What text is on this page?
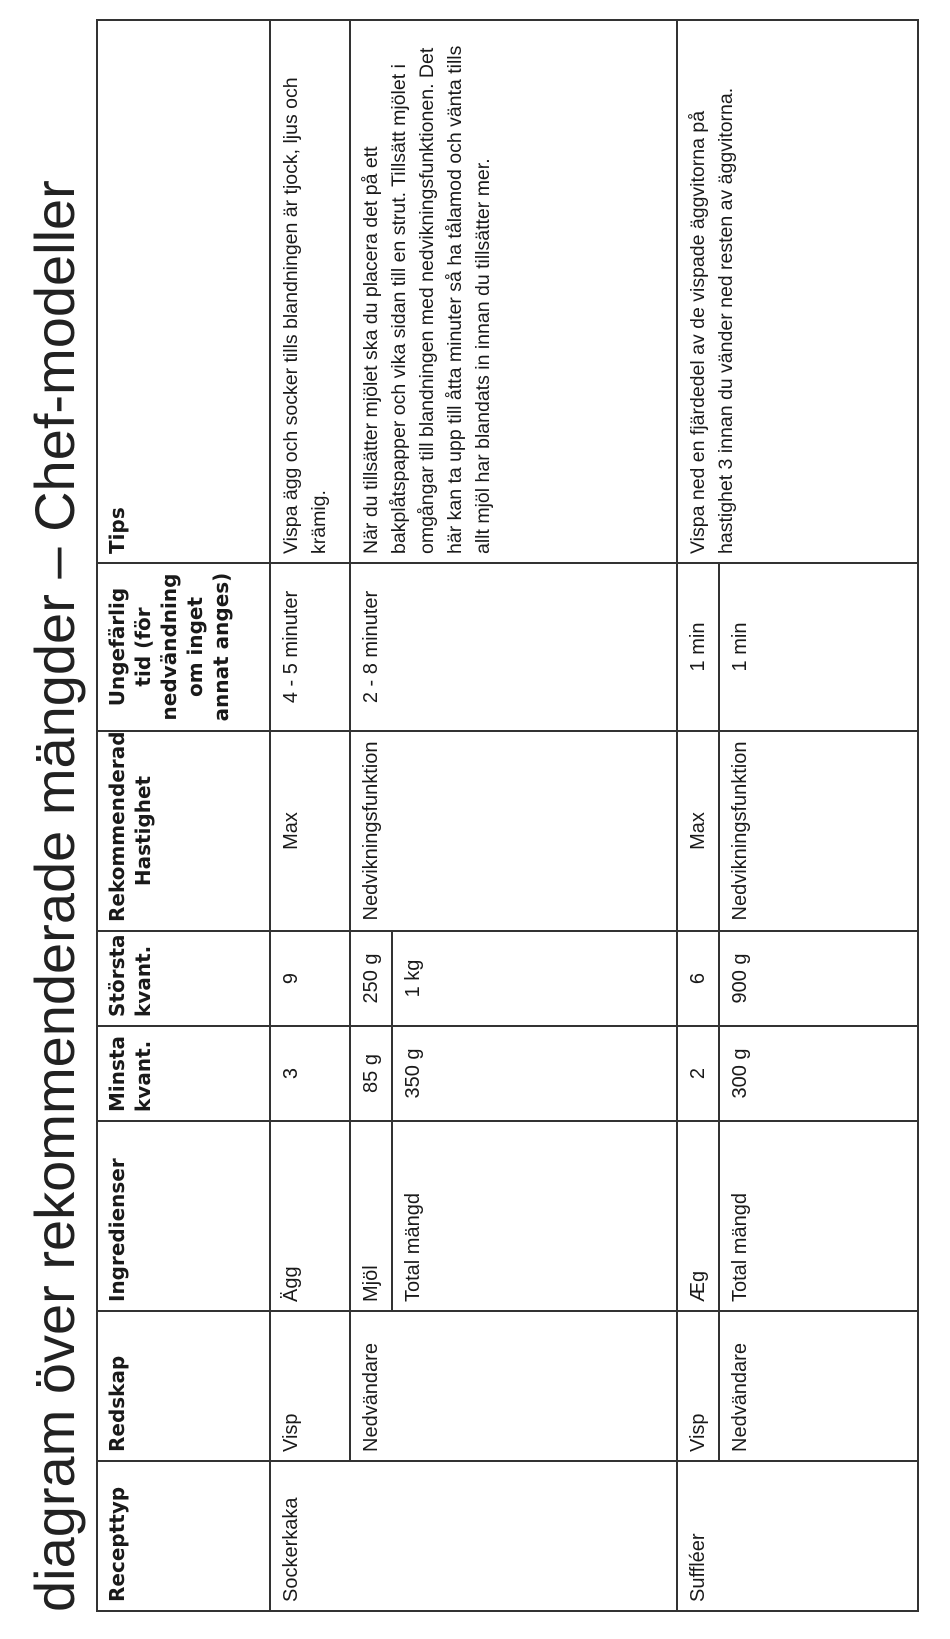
diagram över rekommenderade mängder – Chef-modeller Recepttyp	Redskap	Ingredienser	Minsta kvant.	Största kvant.	Rekommenderad Hastighet	Ungefärlig tid (för nedvändning om inget annat anges)	Tips
Sockerkaka	Visp	Ägg	3	9	Max	4 - 5 minuter	Vispa ägg och socker tills blandningen är tjock, ljus och krämig.
	Nedvändare	Mjöl	85 g	250 g	Nedvikningsfunktion	2 - 8 minuter	När du tillsätter mjölet ska du placera det på ett bakplåtspapper och vika sidan till en strut. Tillsätt mjölet i omgångar till blandningen med nedvikningsfunktionen. Det här kan ta upp till åtta minuter så ha tålamod och vänta tills allt mjöl har blandats in innan du tillsätter mer.
		Total mängd	350 g	1 kg			

Suffléer	Visp	Æg	2	6	Max	1 min	Vispa ned en fjärdedel av de vispade äggvitorna på hastighet 3 innan du vänder ned resten av äggvitorna.
	Nedvändare	Total mängd	300 g	900 g	Nedvikningsfunktion	1 min	
